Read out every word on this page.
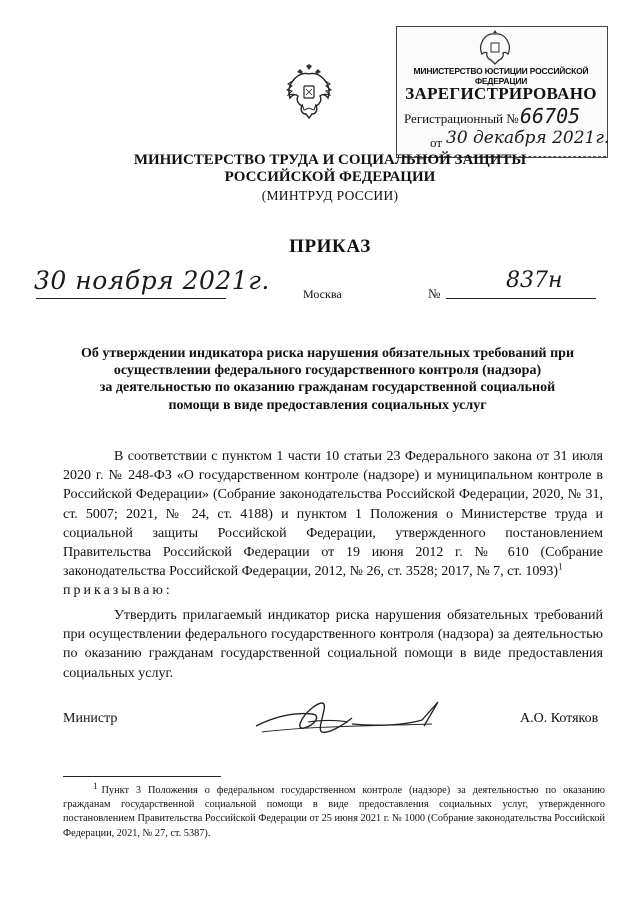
МИНИСТЕРСТВО ЮСТИЦИИ РОССИЙСКОЙ ФЕДЕРАЦИИ
ЗАРЕГИСТРИРОВАНО
Регистрационный № 66705
от 30 декабря 2021г.
МИНИСТЕРСТВО ТРУДА И СОЦИАЛЬНОЙ ЗАЩИТЫ
РОССИЙСКОЙ ФЕДЕРАЦИИ
(МИНТРУД РОССИИ)
ПРИКАЗ
30 ноября 2021г.	Москва	№
837н
Об утверждении индикатора риска нарушения обязательных требований при
осуществлении федерального государственного контроля (надзора)
за деятельностью по оказанию гражданам государственной социальной
помощи в виде предоставления социальных услуг
В соответствии с пунктом 1 части 10 статьи 23 Федерального закона от 31 июля 2020 г. № 248-ФЗ «О государственном контроле (надзоре) и муниципальном контроле в Российской Федерации» (Собрание законодательства Российской Федерации, 2020, № 31, ст. 5007; 2021, № 24, ст. 4188) и пунктом 1 Положения о Министерстве труда и социальной защиты Российской Федерации, утвержденного постановлением Правительства Российской Федерации от 19 июня 2012 г. № 610 (Собрание законодательства Российской Федерации, 2012, № 26, ст. 3528; 2017, № 7, ст. 1093)$^1$
приказываю:
Утвердить прилагаемый индикатор риска нарушения обязательных требований при осуществлении федерального государственного контроля (надзора) за деятельностью по оказанию гражданам государственной социальной помощи в виде предоставления социальных услуг.
Министр	А.О. Котяков
1 Пункт 3 Положения о федеральном государственном контроле (надзоре) за деятельностью по оказанию гражданам государственной социальной помощи в виде предоставления социальных услуг, утвержденного постановлением Правительства Российской Федерации от 25 июня 2021 г. № 1000 (Собрание законодательства Российской Федерации, 2021, № 27, ст. 5387).
